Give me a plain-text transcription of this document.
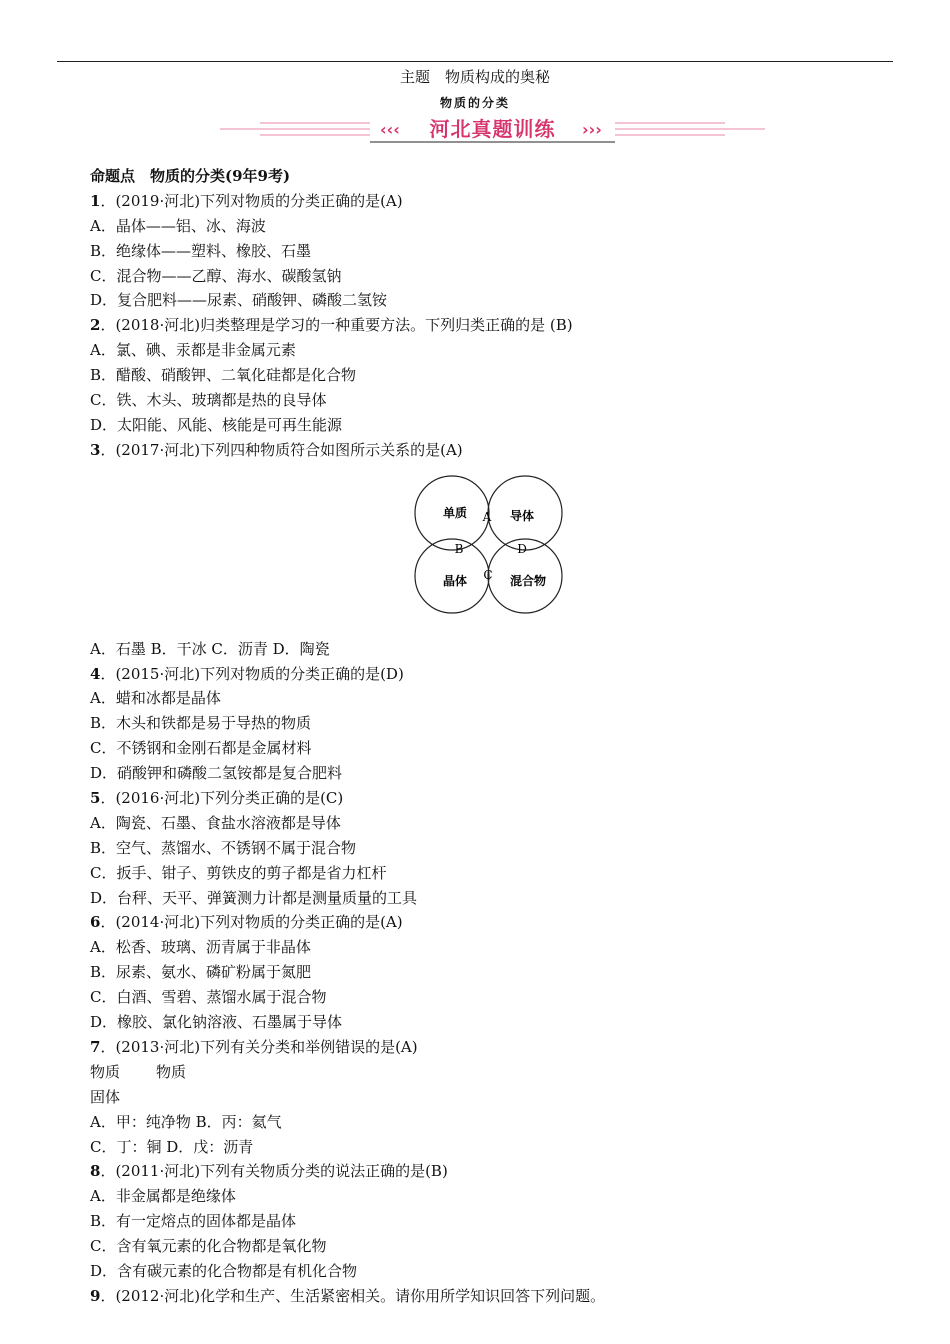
主题　物质构成的奥秘
物质的分类
‹‹‹	›››
河北真题训练
命题点　物质的分类(9年9考)
1．(2019·河北)下列对物质的分类正确的是(A)
A．晶体——铝、冰、海波
B．绝缘体——塑料、橡胶、石墨
C．混合物——乙醇、海水、碳酸氢钠
D．复合肥料——尿素、硝酸钾、磷酸二氢铵
2．(2018·河北)归类整理是学习的一种重要方法。下列归类正确的是 (B)
A．氯、碘、汞都是非金属元素
B．醋酸、硝酸钾、二氧化硅都是化合物
C．铁、木头、玻璃都是热的良导体
D．太阳能、风能、核能是可再生能源
3．(2017·河北)下列四种物质符合如图所示关系的是(A)
单质	导体
晶体	混合物
A
B
C
D
A．石墨 B．干冰 C．沥青 D．陶瓷
4．(2015·河北)下列对物质的分类正确的是(D)
A．蜡和冰都是晶体
B．木头和铁都是易于导热的物质
C．不锈钢和金刚石都是金属材料
D．硝酸钾和磷酸二氢铵都是复合肥料
5．(2016·河北)下列分类正确的是(C)
A．陶瓷、石墨、食盐水溶液都是导体
B．空气、蒸馏水、不锈钢不属于混合物
C．扳手、钳子、剪铁皮的剪子都是省力杠杆
D．台秤、天平、弹簧测力计都是测量质量的工具
6．(2014·河北)下列对物质的分类正确的是(A)
A．松香、玻璃、沥青属于非晶体
B．尿素、氨水、磷矿粉属于氮肥
C．白酒、雪碧、蒸馏水属于混合物
D．橡胶、氯化钠溶液、石墨属于导体
7．(2013·河北)下列有关分类和举例错误的是(A)
物质 物质
固体
A．甲：纯净物 B．丙：氦气
C．丁：铜 D．戊：沥青
8．(2011·河北)下列有关物质分类的说法正确的是(B)
A．非金属都是绝缘体
B．有一定熔点的固体都是晶体
C．含有氧元素的化合物都是氧化物
D．含有碳元素的化合物都是有机化合物
9．(2012·河北)化学和生产、生活紧密相关。请你用所学知识回答下列问题。
